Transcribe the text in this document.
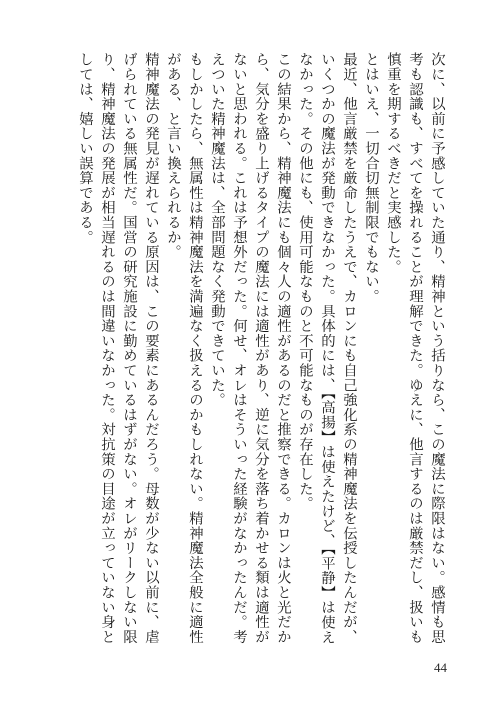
次に、以前に予感していた通り、精神という括りなら、この魔法に際限はない。感情も思考も認識も、すべてを操れることが理解できた。ゆえに、他言するのは厳禁だし、扱いも慎重を期するべきだと実感した。

とはいえ、一切合切無制限でもない。

最近、他言厳禁を厳命したうえで、カロンにも自己強化系の精神魔法を伝授したんだが、いくつかの魔法が発動できなかった。具体的には、【高揚】は使えたけど、【平静】は使えなかった。その他にも、使用可能なものと不可能なものが存在した。

この結果から、精神魔法にも個々人の適性があるのだと推察できる。カロンは火と光だから、気分を盛り上げるタイプの魔法には適性があり、逆に気分を落ち着かせる類は適性がないと思われる。これは予想外だった。何せ、オレはそういった経験がなかったんだ。考えついた精神魔法は、全部問題なく発動できていた。

もしかしたら、無属性は精神魔法を満遍なく扱えるのかもしれない。精神魔法全般に適性がある、と言い換えられるか。

精神魔法の発見が遅れている原因は、この要素にあるんだろう。母数が少ない以前に、虐げられている無属性だ。国営の研究施設に勤めているはずがない。オレがリークしない限り、精神魔法の発展が相当遅れるのは間違いなかった。対抗策の目途が立っていない身としては、嬉しい誤算である。

44
